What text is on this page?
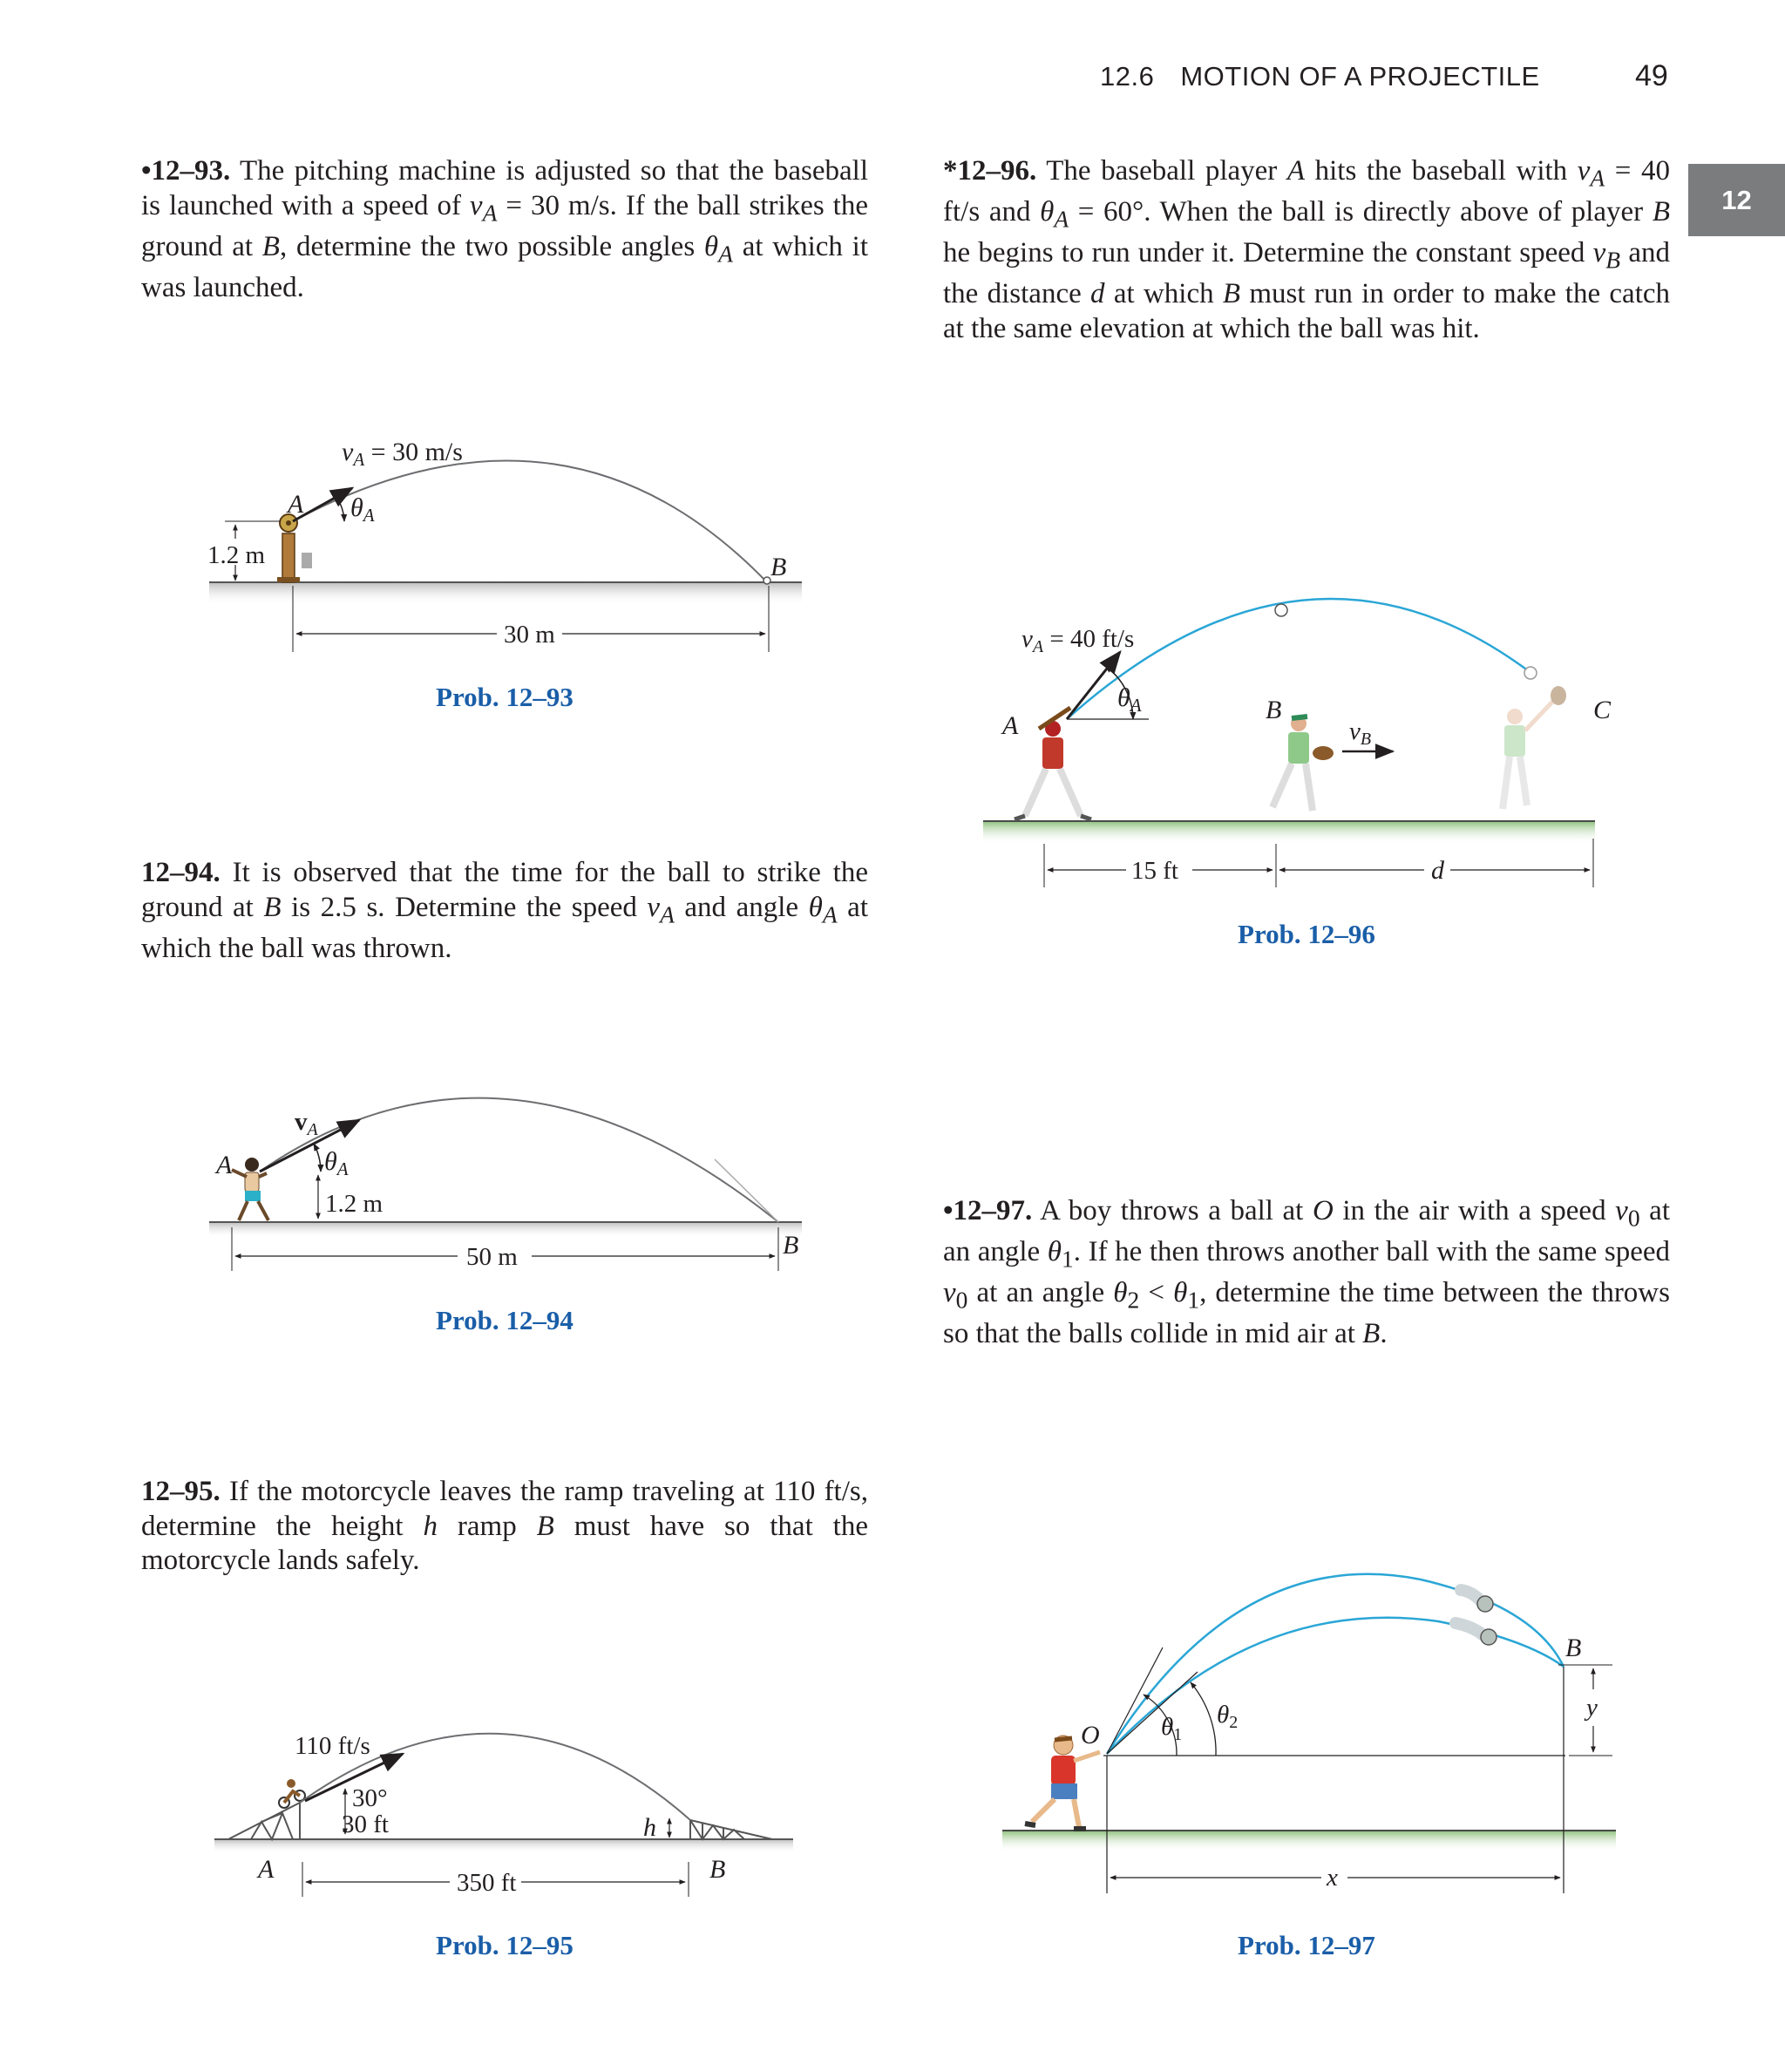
12.6 MOTION OF A PROJECTILE	49
12
•12–93. The pitching machine is adjusted so that the baseball is launched with a speed of $v_A = 30$ m/s. If the ball strikes the ground at B, determine the two possible angles $\theta_A$ at which it was launched.
12–94. It is observed that the time for the ball to strike the ground at B is 2.5 s. Determine the speed $v_A$ and angle $\theta_A$ at which the ball was thrown.
12–95. If the motorcycle leaves the ramp traveling at 110 ft/s, determine the height h ramp B must have so that the motorcycle lands safely.
*12–96. The baseball player A hits the baseball with $v_A = 40$ ft/s and $\theta_A = 60^\circ$. When the ball is directly above of player B he begins to run under it. Determine the constant speed $v_B$ and the distance d at which B must run in order to make the catch at the same elevation at which the ball was hit.
•12–97. A boy throws a ball at O in the air with a speed $v_0$ at an angle $\theta_1$. If he then throws another ball with the same speed $v_0$ at an angle $\theta_2 < \theta_1$, determine the time between the throws so that the balls collide in mid air at B.
$v_A = 30$ m/s
$\theta_A$
A
B
1.2 m
30 m
Prob. 12–93
$v_A$
$\theta_A$
A
B
1.2 m
50 m
Prob. 12–94
110 ft/s
30°
30 ft	h
A	B
350 ft
Prob. 12–95
$v_A = 40$ ft/s
$\theta_A$
A
B	C
$v_B$
15 ft	d
Prob. 12–96
$\theta_1$
$\theta_2$
O
B
y
x
Prob. 12–97
